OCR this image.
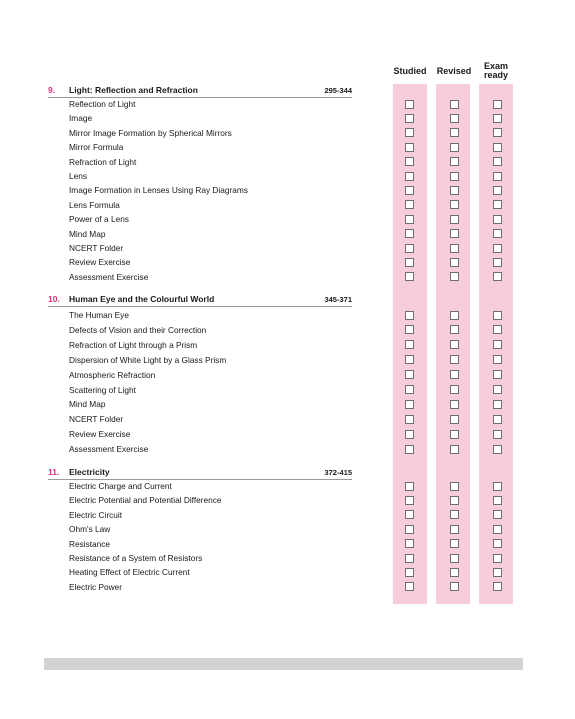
Studied	Revised	Exam
ready
9. Light: Reflection and Refraction	295-344
Reflection of Light
Image
Mirror Image Formation by Spherical Mirrors
Mirror Formula
Refraction of Light
Lens
Image Formation in Lenses Using Ray Diagrams
Lens Formula
Power of a Lens
Mind Map
NCERT Folder
Review Exercise
Assessment Exercise
10. Human Eye and the Colourful World	345-371
The Human Eye
Defects of Vision and their Correction
Refraction of Light through a Prism
Dispersion of White Light by a Glass Prism
Atmospheric Refraction
Scattering of Light
Mind Map
NCERT Folder
Review Exercise
Assessment Exercise
11. Electricity	372-415
Electric Charge and Current
Electric Potential and Potential Difference
Electric Circuit
Ohm's Law
Resistance
Resistance of a System of Resistors
Heating Effect of Electric Current
Electric Power
